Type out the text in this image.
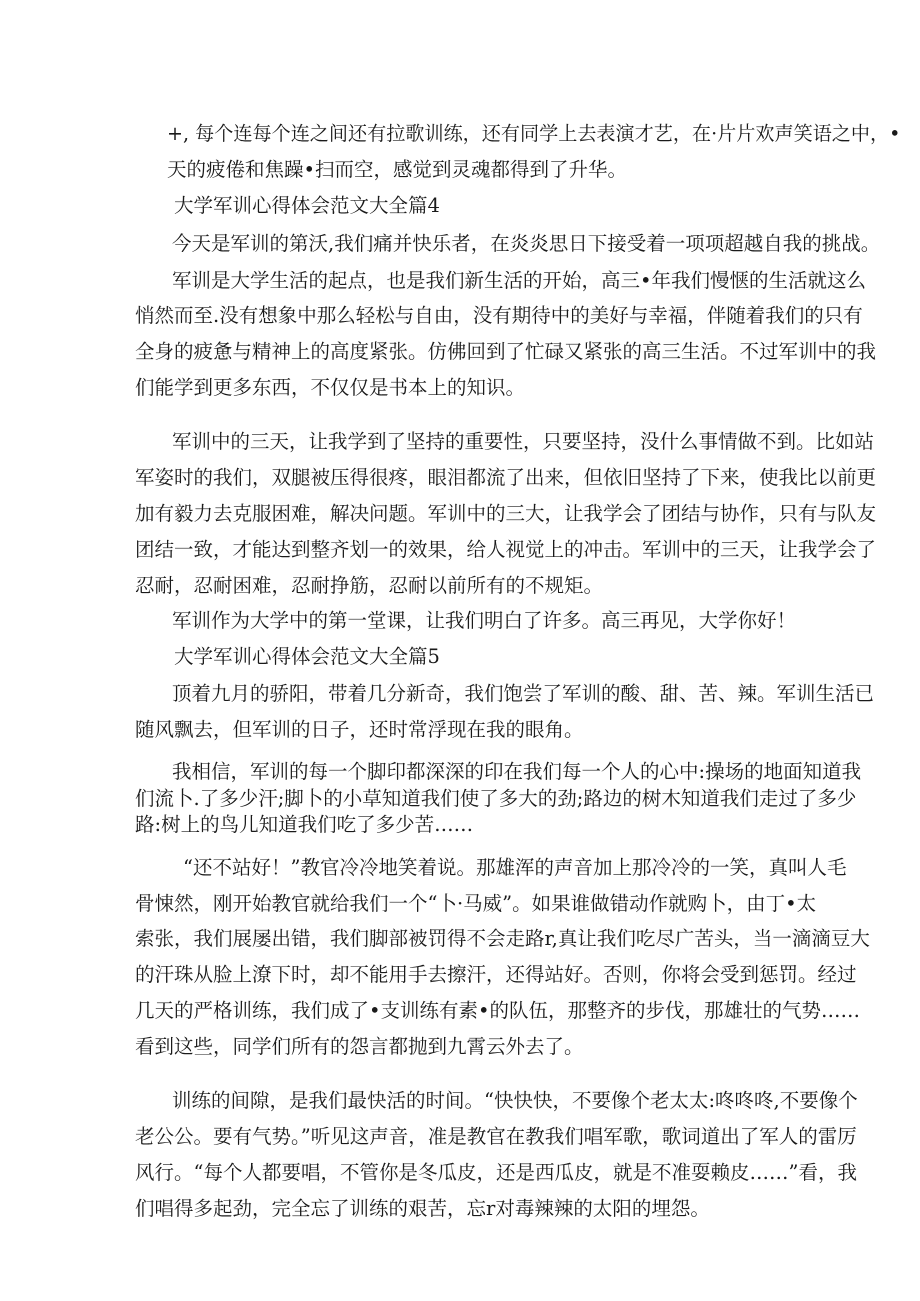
+, 每个连每个连之间还有拉歌训练，还有同学上去表演才艺，在·片片欢声笑语之中，•

天的疲倦和焦躁•扫而空，感觉到灵魂都得到了升华。

大学军训心得体会范文大全篇4

今天是军训的第沃,我们痛并快乐者，在炎炎思日下接受着一项项超越自我的挑战。

军训是大学生活的起点，也是我们新生活的开始，高三•年我们慢惬的生活就这么

悄然而至.没有想象中那么轻松与自由，没有期待中的美好与幸福，伴随着我们的只有

全身的疲惫与精神上的高度紧张。仿佛回到了忙碌又紧张的高三生活。不过军训中的我

们能学到更多东西，不仅仅是书本上的知识。

军训中的三天，让我学到了坚持的重要性，只要坚持，没什么事情做不到。比如站

军姿时的我们，双腿被压得很疼，眼泪都流了出来，但依旧坚持了下来，使我比以前更

加有毅力去克服困难，解决问题。军训中的三大，让我学会了团结与协作，只有与队友

团结一致，才能达到整齐划一的效果，给人视觉上的冲击。军训中的三天，让我学会了

忍耐，忍耐困难，忍耐挣筋，忍耐以前所有的不规矩。

军训作为大学中的第一堂课，让我们明白了许多。高三再见，大学你好！

大学军训心得体会范文大全篇5

顶着九月的骄阳，带着几分新奇，我们饱尝了军训的酸、甜、苦、辣。军训生活已

随风飘去，但军训的日子，还时常浮现在我的眼角。

我相信，军训的每一个脚印都深深的印在我们每一个人的心中:操场的地面知道我

们流卜.了多少汗;脚卜的小草知道我们使了多大的劲;路边的树木知道我们走过了多少

路:树上的鸟儿知道我们吃了多少苦……

“还不站好！”教官冷冷地笑着说。那雄浑的声音加上那冷冷的一笑，真叫人毛

骨悚然，刚开始教官就给我们一个“卜·马威”。如果谁做错动作就购卜，由丁•太

索张，我们展屡出错，我们脚部被罚得不会走路r,真让我们吃尽广苦头，当一滴滴豆大

的汗珠从脸上潦下时，却不能用手去擦汗，还得站好。否则，你将会受到惩罚。经过

几天的严格训练，我们成了•支训练有素•的队伍，那整齐的步伐，那雄壮的气势……

看到这些，同学们所有的怨言都抛到九霄云外去了。

训练的间隙，是我们最快活的时间。“快快快，不要像个老太太:咚咚咚,不要像个

老公公。要有气势。”听见这声音，准是教官在教我们唱军歌，歌词道出了军人的雷厉

风行。“每个人都要唱，不管你是冬瓜皮，还是西瓜皮，就是不准耍赖皮……”看，我

们唱得多起劲，完全忘了训练的艰苦，忘r对毒辣辣的太阳的埋怨。
